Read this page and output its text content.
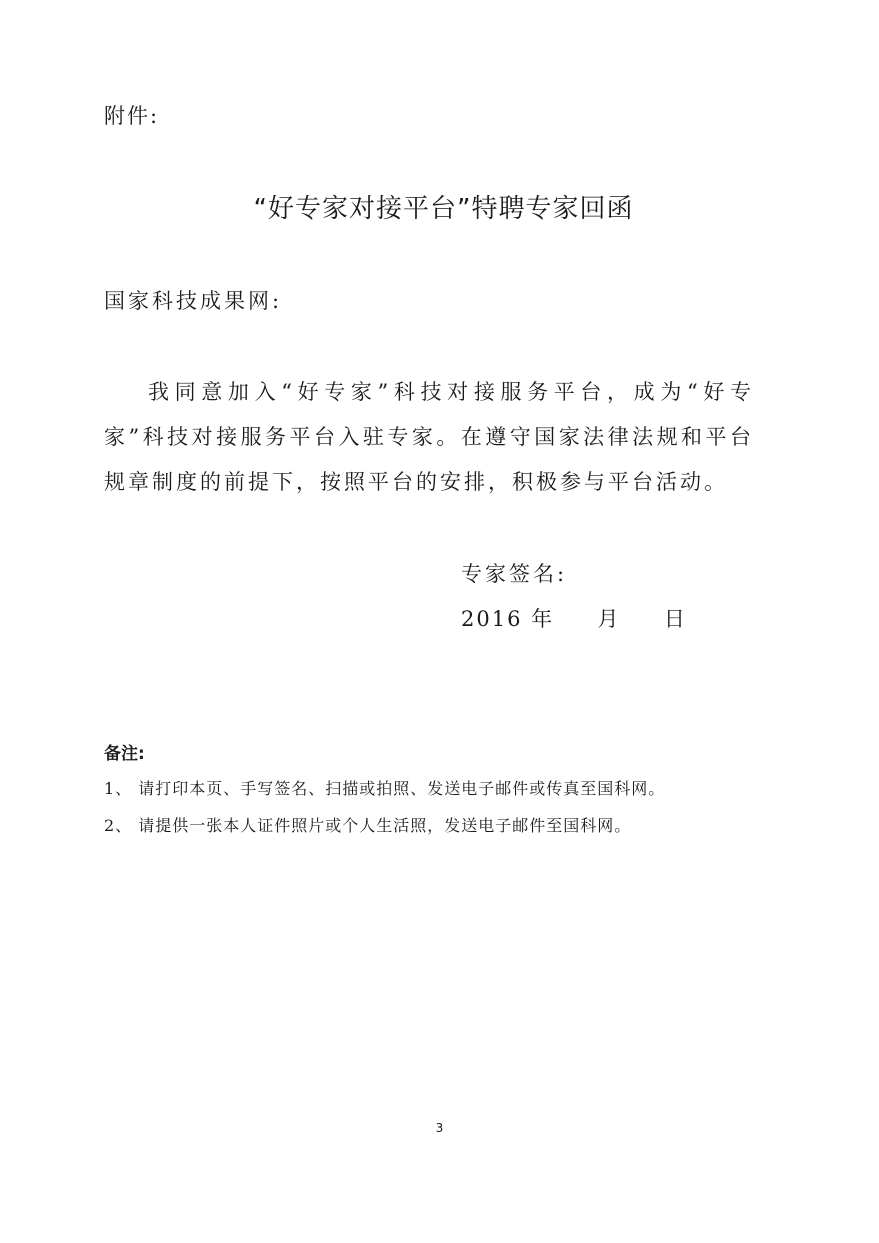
附件:
“好专家对接平台”特聘专家回函
国家科技成果网:
我同意加入“好专家”科技对接服务平台，成为“好专家”科技对接服务平台入驻专家。在遵守国家法律法规和平台规章制度的前提下，按照平台的安排，积极参与平台活动。
专家签名:
2016 年     月     日
备注:
1、 请打印本页、手写签名、扫描或拍照、发送电子邮件或传真至国科网。
2、 请提供一张本人证件照片或个人生活照，发送电子邮件至国科网。
3
